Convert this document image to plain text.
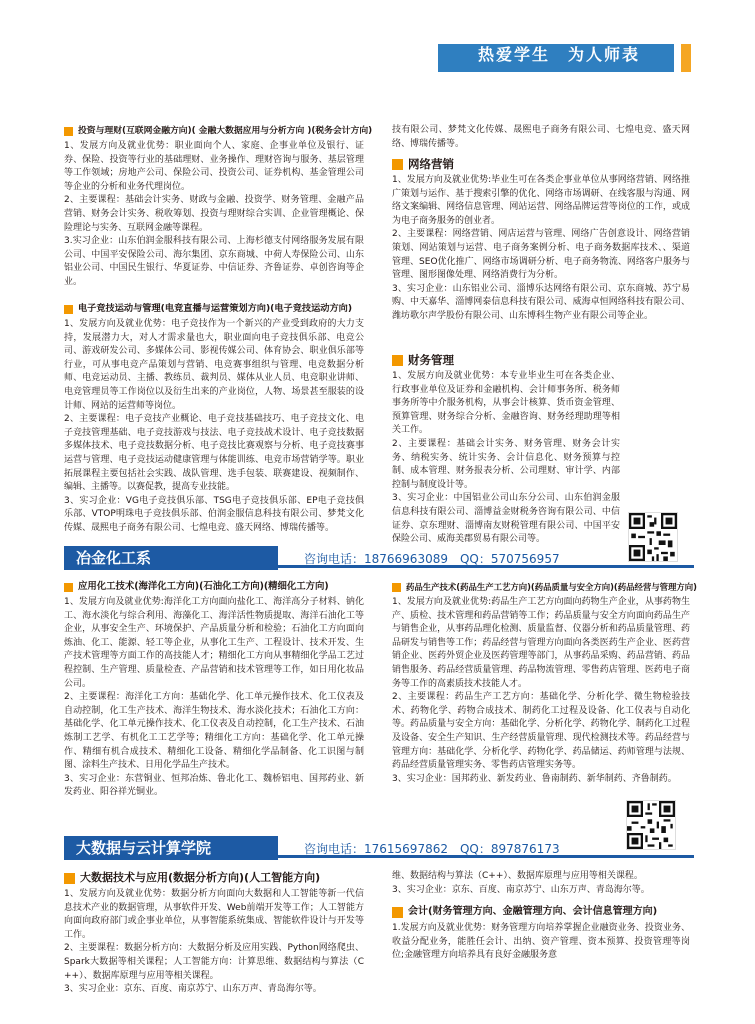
热爱学生　为人师表
投资与理财(互联网金融方向)( 金融大数据应用与分析方向 )(税务会计方向)
1、发展方向及就业优势：职业面向个人、家庭、企事业单位及银行、证券、保险、投资等行业的基础理财、业务操作、理财咨询与服务、基层管理等工作领域；房地产公司、保险公司、投资公司、证券机构、基金管理公司等企业的分析和业务代理岗位。
2、主要课程：基础会计实务、财政与金融、投资学、财务管理、金融产品营销、财务会计实务、税收筹划、投资与理财综合实训、企业管理概论、保险理论与实务、互联网金融等课程。
3.实习企业：山东伯润金服科技有限公司、上海杉德支付网络服务发展有限公司、中国平安保险公司、海尔集团、京东商城、中荷人寿保险公司、山东铝业公司、中国民生银行、华夏证券、中信证券、齐鲁证券、卓创咨询等企业。
电子竞技运动与管理(电竞直播与运营策划方向)(电子竞技运动方向)
1、发展方向及就业优势：电子竞技作为一个新兴的产业受到政府的大力支持，发展潜力大，对人才需求量也大，职业面向电子竞技俱乐部、电竞公司、游戏研发公司、多媒体公司、影视传媒公司、体育协会、职业俱乐部等行业，可从事电竞产品策划与营销、电竞赛事组织与管理、电竞数据分析师、电竞运动员、主播、教练员、裁判员、媒体从业人员、电竞职业讲师、电竞管理员等工作岗位以及衍生出来的产业岗位，人物、场景甚至服装的设计师、网站的运营师等岗位。
2、主要课程：电子竞技产业概论、电子竞技基础技巧、电子竞技文化、电子竞技管理基础、电子竞技游戏与技法、电子竞技战术设计、电子竞技数据多媒体技术、电子竞技数据分析、电子竞技比赛观察与分析、电子竞技赛事运营与管理、电子竞技运动健康管理与体能训练、电竞市场营销学等。职业拓展课程主要包括社会实践、战队管理、选手包装、联赛建设、视频制作、编辑、主播等。以赛促教，提高专业技能。
3、实习企业：VG电子竞技俱乐部、TSG电子竞技俱乐部、EP电子竞技俱乐部、VTOP明珠电子竞技俱乐部、伯润金服信息科技有限公司、梦梵文化传媒、晟熙电子商务有限公司、七煌电竞、盛天网络、博瑞传播等。
技有限公司、梦梵文化传媒、晟熙电子商务有限公司、七煌电竞、盛天网络、博瑞传播等。
网络营销
1、发展方向及就业优势:毕业生可在各类企事业单位从事网络营销、网络推广策划与运作、基于搜索引擎的优化、网络市场调研、在线客服与沟通、网络文案编辑、网络信息管理、网站运营、网络品牌运营等岗位的工作，或成为电子商务服务的创业者。
2、主要课程：网络营销、网店运营与管理、网络广告创意设计、网络营销策划、网站策划与运营、电子商务案例分析、电子商务数据库技术、、渠道管理、SEO优化推广、网络市场调研分析、电子商务物流、网络客户服务与管理、图形图像处理、网络消费行为分析。
3、实习企业：山东铝业公司、淄博乐达网络有限公司、京东商城、苏宁易购、中天嘉华、淄博网泰信息科技有限公司、威海卓恒网络科技有限公司、潍坊歌尔声学股份有限公司、山东博科生物产业有限公司等企业。
财务管理
1、发展方向及就业优势：本专业毕业生可在各类企业、行政事业单位及证券和金融机构、会计师事务所、税务师事务所等中介服务机构，从事会计核算、货币资金管理、预算管理、财务综合分析、金融咨询、财务经理助理等相关工作。
2、主要课程：基础会计实务、财务管理、财务会计实务、纳税实务、统计实务、会计信息化、财务预算与控制、成本管理、财务报表分析、公司理财、审计学、内部控制与制度设计等。
3、实习企业：中国铝业公司山东分公司、山东伯润金服信息科技有限公司、淄博益金财税务咨询有限公司、中信证券、京东理财、淄博南友财税管理有限公司、中国平安保险公司、威海美郡贸易有限公司等。
冶金化工系	咨询电话：18766963089　QQ：570756957
应用化工技术(海洋化工方向)(石油化工方向)(精细化工方向)
1、发展方向及就业优势:海洋化工方向面向盐化工、海洋高分子材料、钠化工、海水淡化与综合利用、海藻化工、海洋活性物质提取、海洋石油化工等企业，从事安全生产、环境保护、产品质量分析和检验；石油化工方向面向炼油、化工、能源、轻工等企业，从事化工生产、工程设计、技术开发、生产技术管理等方面工作的高技能人才；精细化工方向从事精细化学品工艺过程控制、生产管理、质量检查、产品营销和技术管理等工作，如日用化妆品公司。
2、主要课程：海洋化工方向：基础化学、化工单元操作技术、化工仪表及自动控制，化工生产技术、海洋生物技术、海水淡化技术；石油化工方向：基础化学、化工单元操作技术、化工仪表及自动控制，化工生产技术、石油炼制工艺学、有机化工工艺学等；精细化工方向：基础化学、化工单元操作、精细有机合成技术、精细化工设备、精细化学品制备、化工识图与制图、涂料生产技术、日用化学品生产技术。
3、实习企业：东营铜业、恒邦冶炼、鲁北化工、魏桥铝电、国邦药业、新发药业、阳谷祥光铜业。
药品生产技术(药品生产工艺方向)(药品质量与安全方向)(药品经营与管理方向)
1、发展方向及就业优势:药品生产工艺方向面向药物生产企业，从事药物生产、质检、技术管理和药品营销等工作；药品质量与安全方向面向药品生产与销售企业，从事药品理化检测、质量监督、仪器分析和药品质量管理、药品研发与销售等工作；药品经营与管理方向面向各类医药生产企业、医药营销企业、医药外贸企业及医药管理等部门，从事药品采购、药品营销、药品销售服务、药品经营质量管理、药品物流管理、零售药店管理、医药电子商务等工作的高素质技术技能人才。
2、主要课程：药品生产工艺方向：基础化学、分析化学、微生物检验技术、药物化学、药物合成技术、制药化工过程及设备、化工仪表与自动化等。药品质量与安全方向：基础化学、分析化学、药物化学、制药化工过程及设备、安全生产知识、生产经营质量管理、现代检测技术等。药品经营与管理方向：基础化学、分析化学、药物化学、药品储运、药师管理与法规、药品经营质量管理实务、零售药店管理实务等。
3、实习企业：国邦药业、新发药业、鲁南制药、新华制药、齐鲁制药。
大数据与云计算学院	咨询电话：17615697862　QQ：897876173
大数据技术与应用(数据分析方向)(人工智能方向)
1、发展方向及就业优势：数据分析方向面向大数据和人工智能等新一代信息技术产业的数据管理，从事软件开发、Web前端开发等工作；人工智能方向面向政府部门或企事业单位，从事智能系统集成、智能软件设计与开发等工作。
2、主要课程：数据分析方向：大数据分析及应用实践、Python网络爬虫、Spark大数据等相关课程；人工智能方向：计算思维、数据结构与算法（C++）、数据库原理与应用等相关课程。
3、实习企业：京东、百度、南京苏宁、山东万声、青岛海尔等。
维、数据结构与算法（C++）、数据库原理与应用等相关课程。
3、实习企业：京东、百度、南京苏宁、山东万声、青岛海尔等。
会计(财务管理方向、金融管理方向、会计信息管理方向)
1.发展方向及就业优势：财务管理方向培养掌握企业融资业务、投资业务、收益分配业务，能胜任会计、出纳、资产管理、资本预算、投资管理等岗位;金融管理方向培养具有良好金融服务意
